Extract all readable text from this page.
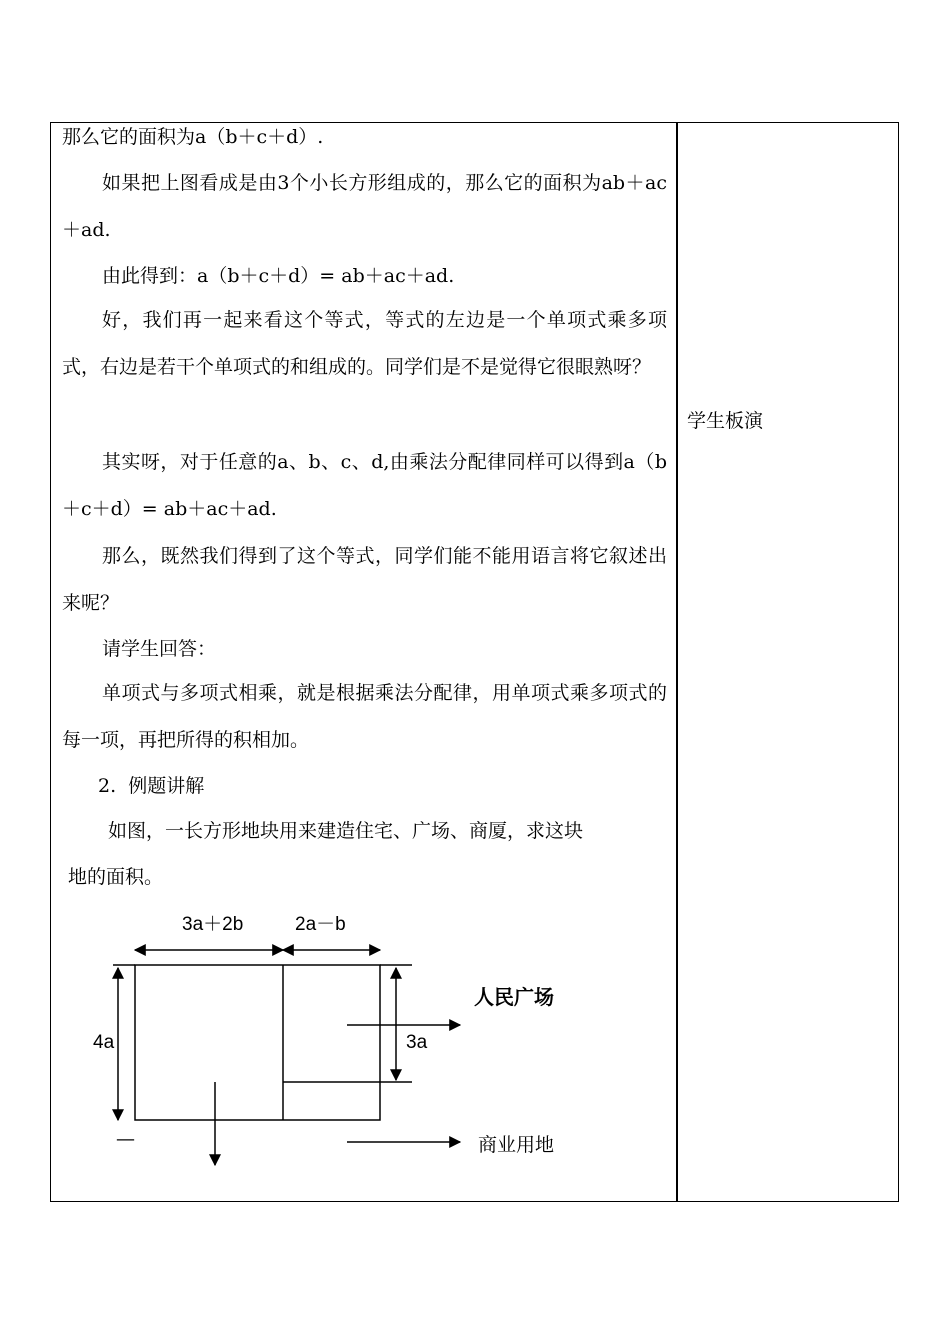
那么它的面积为a（b＋c＋d）.

如果把上图看成是由3个小长方形组成的，那么它的面积为ab＋ac＋ad.

由此得到：a（b＋c＋d）= ab＋ac＋ad.

好，我们再一起来看这个等式，等式的左边是一个单项式乘多项式，右边是若干个单项式的和组成的。同学们是不是觉得它很眼熟呀？

其实呀，对于任意的a、b、c、d,由乘法分配律同样可以得到a（b＋c＋d）= ab＋ac＋ad.

那么，既然我们得到了这个等式，同学们能不能用语言将它叙述出来呢？

请学生回答：

单项式与多项式相乘，就是根据乘法分配律，用单项式乘多项式的每一项，再把所得的积相加。

2.  例题讲解

如图，一长方形地块用来建造住宅、广场、商厦，求这块

地的面积。

学生板演
3a＋2b	2a－b
4a	3a
人民广场
商业用地
—
